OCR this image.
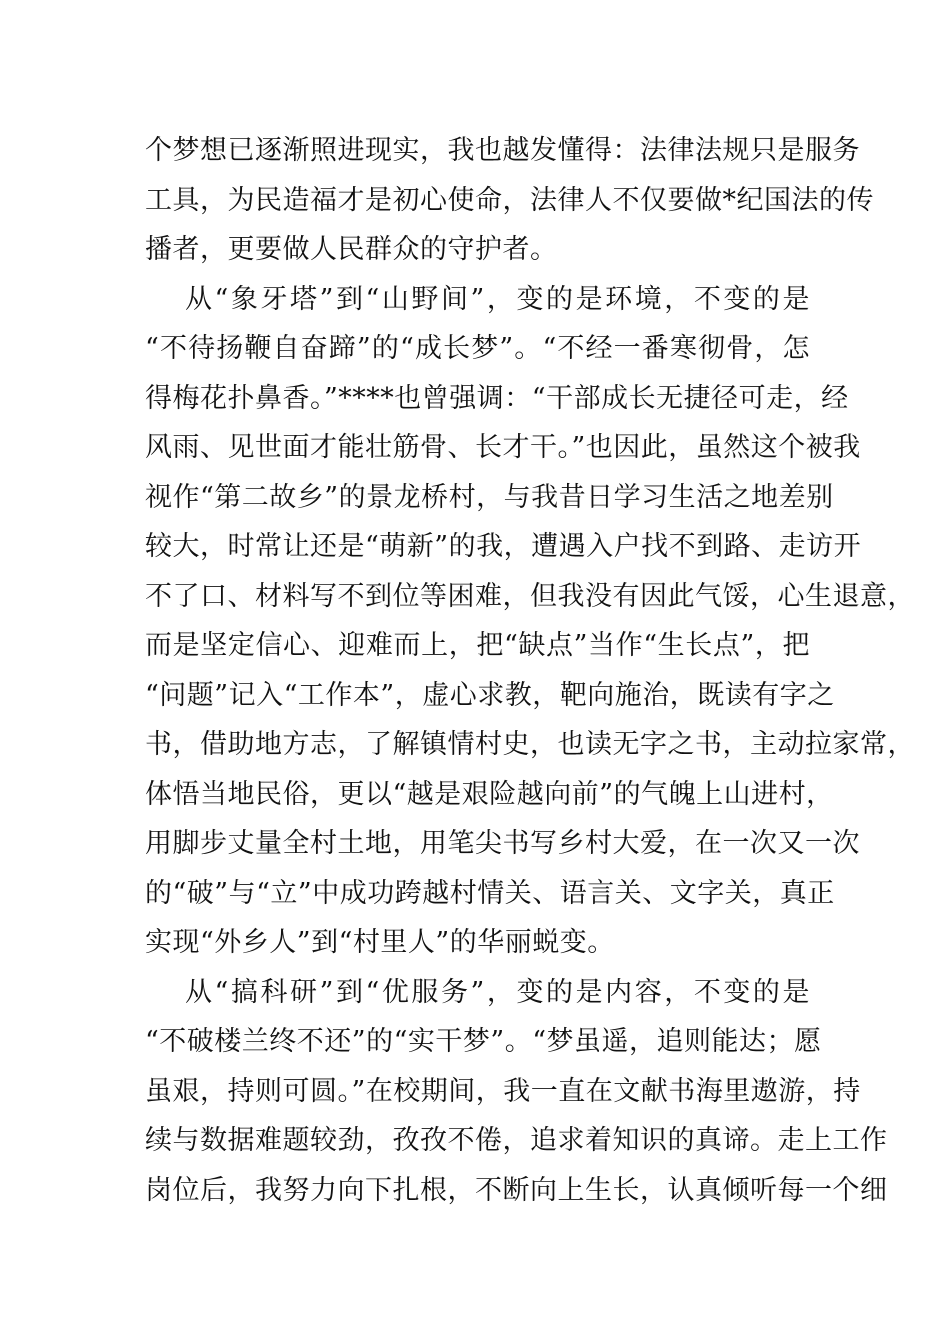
个梦想已逐渐照进现实，我也越发懂得：法律法规只是服务
工具，为民造福才是初心使命，法律人不仅要做*纪国法的传
播者，更要做人民群众的守护者。
从“象牙塔”到“山野间”，变的是环境，不变的是
“不待扬鞭自奋蹄”的“成长梦”。“不经一番寒彻骨，怎
得梅花扑鼻香。”****也曾强调：“干部成长无捷径可走，经
风雨、见世面才能壮筋骨、长才干。”也因此，虽然这个被我
视作“第二故乡”的景龙桥村，与我昔日学习生活之地差别
较大，时常让还是“萌新”的我，遭遇入户找不到路、走访开
不了口、材料写不到位等困难，但我没有因此气馁，心生退意，
而是坚定信心、迎难而上，把“缺点”当作“生长点”，把
“问题”记入“工作本”，虚心求教，靶向施治，既读有字之
书，借助地方志，了解镇情村史，也读无字之书，主动拉家常，
体悟当地民俗，更以“越是艰险越向前”的气魄上山进村，
用脚步丈量全村土地，用笔尖书写乡村大爱，在一次又一次
的“破”与“立”中成功跨越村情关、语言关、文字关，真正
实现“外乡人”到“村里人”的华丽蜕变。
从“搞科研”到“优服务”，变的是内容，不变的是
“不破楼兰终不还”的“实干梦”。“梦虽遥，追则能达；愿
虽艰，持则可圆。”在校期间，我一直在文献书海里遨游，持
续与数据难题较劲，孜孜不倦，追求着知识的真谛。走上工作
岗位后，我努力向下扎根，不断向上生长，认真倾听每一个细
